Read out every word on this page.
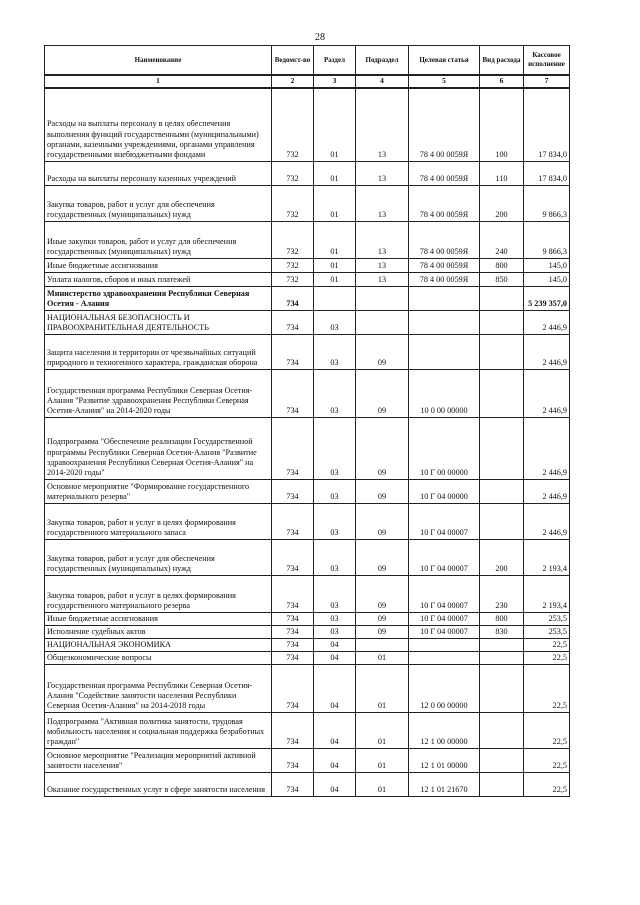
28
Наименование	Ведомст-во	Раздел	Подраздел	Целевая статья	Вид расхода	Кассовое исполнение
1	2	3	4	5	6	7
Расходы на выплаты персоналу в целях обеспечения выполнения функций государственными (муниципальными) органами, казенными учреждениями, органами управления государственными внебюджетными фондами	732	01	13	78 4 00 0059Я	100	17 834,0
Расходы на выплаты персоналу казенных учреждений	732	01	13	78 4 00 0059Я	110	17 834,0
Закупка товаров, работ и услуг для обеспечения государственных (муниципальных) нужд	732	01	13	78 4 00 0059Я	200	9 866,3
Иные закупки товаров, работ и услуг для обеспечения государственных (муниципальных) нужд	732	01	13	78 4 00 0059Я	240	9 866,3
Иные бюджетные ассигнования	732	01	13	78 4 00 0059Я	800	145,0
Уплата налогов, сборов и иных платежей	732	01	13	78 4 00 0059Я	850	145,0
Министерство здравоохранения Республики Северная Осетия - Алания	734					5 239 357,0
НАЦИОНАЛЬНАЯ БЕЗОПАСНОСТЬ И ПРАВООХРАНИТЕЛЬНАЯ ДЕЯТЕЛЬНОСТЬ	734	03				2 446,9
Защита населения и территории от чрезвычайных ситуаций природного и техногенного характера, гражданская оборона	734	03	09			2 446,9
Государственная программа Республики Северная Осетия-Алания "Развитие здравоохранения Республики Северная Осетия-Алания" на 2014-2020 годы	734	03	09	10 0 00 00000		2 446,9
Подпрограмма "Обеспечение реализации Государственной программы Республики Северная Осетия-Алания "Развитие здравоохранения Республики Северная Осетия-Алания" на 2014-2020 годы"	734	03	09	10 Г 00 00000		2 446,9
Основное мероприятие "Формирование государственного материального резерва"	734	03	09	10 Г 04 00000		2 446,9
Закупка товаров, работ и услуг в целях формирования государственного материального запаса	734	03	09	10 Г 04 00007		2 446,9
Закупка товаров, работ и услуг для обеспечения государственных (муниципальных) нужд	734	03	09	10 Г 04 00007	200	2 193,4
Закупка товаров, работ и услуг в целях формирования государственного материального резерва	734	03	09	10 Г 04 00007	230	2 193,4
Иные бюджетные ассигнования	734	03	09	10 Г 04 00007	800	253,5
Исполнение судебных актов	734	03	09	10 Г 04 00007	830	253,5
НАЦИОНАЛЬНАЯ ЭКОНОМИКА	734	04				22,5
Общеэкономические вопросы	734	04	01			22,5
Государственная программа Республики Северная Осетия-Алания "Содействие занятости населения Республики Северная Осетия-Алания" на 2014-2018 годы	734	04	01	12 0 00 00000		22,5
Подпрограмма "Активная политика занятости, трудовая мобильность населения и социальная поддержка безработных граждан"	734	04	01	12 1 00 00000		22,5
Основное мероприятие "Реализация мероприятий активной занятости населения"	734	04	01	12 1 01 00000		22,5
Оказание государственных услуг в сфере занятости населения	734	04	01	12 1 01 21670		22,5
